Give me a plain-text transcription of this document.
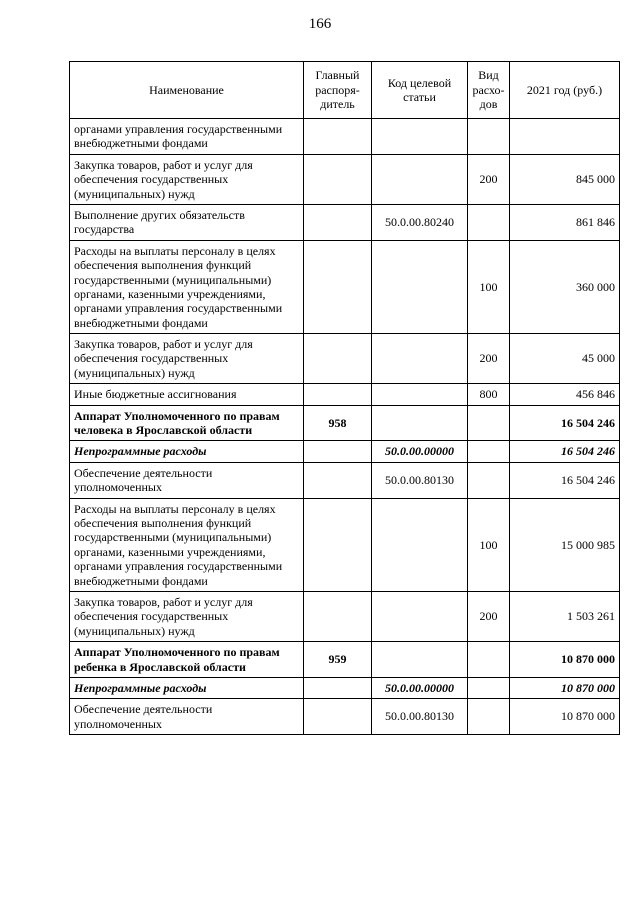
166
Наименование	Главный распоря-дитель	Код целевой статьи	Вид расхо-дов	2021 год (руб.)
органами управления государственными внебюджетными фондами				
Закупка товаров, работ и услуг для обеспечения государственных (муниципальных) нужд			200	845 000
Выполнение других обязательств государства		50.0.00.80240		861 846
Расходы на выплаты персоналу в целях обеспечения выполнения функций государственными (муниципальными) органами, казенными учреждениями, органами управления государственными внебюджетными фондами			100	360 000
Закупка товаров, работ и услуг для обеспечения государственных (муниципальных) нужд			200	45 000
Иные бюджетные ассигнования			800	456 846
Аппарат Уполномоченного по правам человека в Ярославской области	958			16 504 246
Непрограммные расходы		50.0.00.00000		16 504 246
Обеспечение деятельности уполномоченных		50.0.00.80130		16 504 246
Расходы на выплаты персоналу в целях обеспечения выполнения функций государственными (муниципальными) органами, казенными учреждениями, органами управления государственными внебюджетными фондами			100	15 000 985
Закупка товаров, работ и услуг для обеспечения государственных (муниципальных) нужд			200	1 503 261
Аппарат Уполномоченного по правам ребенка в Ярославской области	959			10 870 000
Непрограммные расходы		50.0.00.00000		10 870 000
Обеспечение деятельности уполномоченных		50.0.00.80130		10 870 000
